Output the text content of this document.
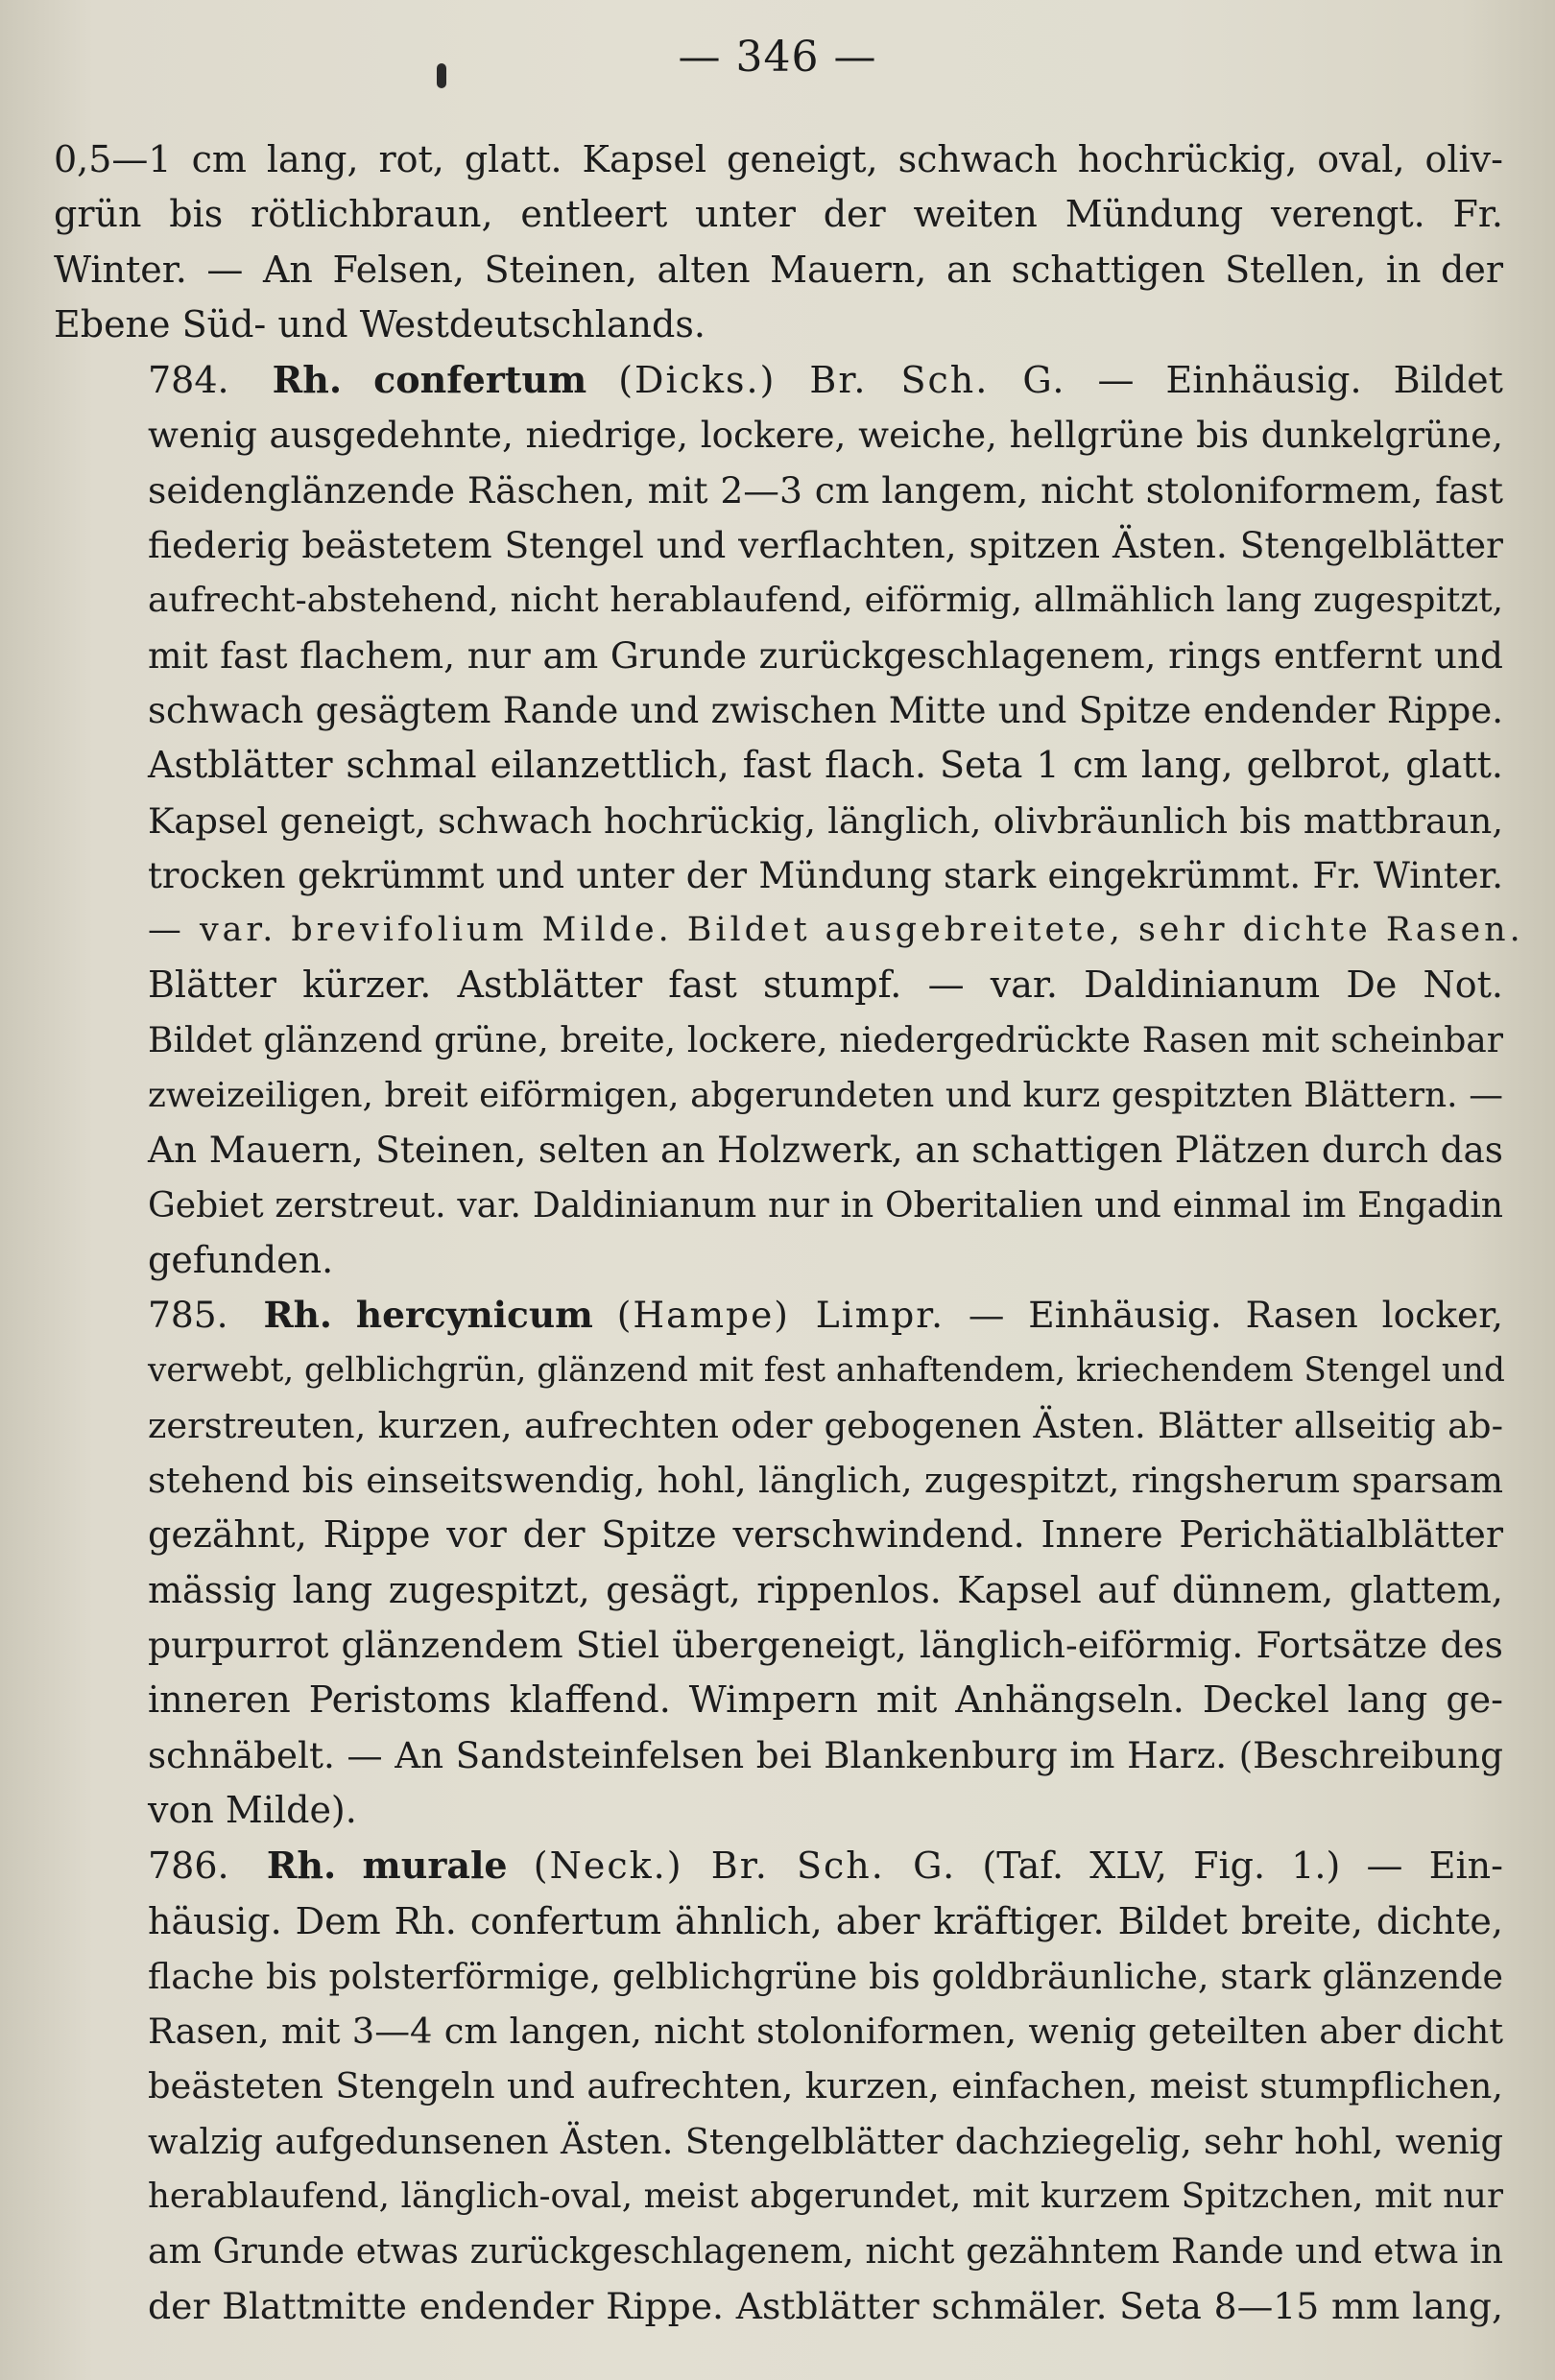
— 346 —

0,5—1 cm lang, rot, glatt. Kapsel geneigt, schwach hochrückig, oval, oliv-
grün bis rötlichbraun, entleert unter der weiten Mündung verengt. Fr.
Winter. — An Felsen, Steinen, alten Mauern, an schattigen Stellen, in der
Ebene Süd- und Westdeutschlands.

784. Rh. confertum (Dicks.) Br. Sch. G. — Einhäusig. Bildet
wenig ausgedehnte, niedrige, lockere, weiche, hellgrüne bis dunkelgrüne,
seidenglänzende Räschen, mit 2—3 cm langem, nicht stoloniformem, fast
fiederig beästetem Stengel und verflachten, spitzen Ästen. Stengelblätter
aufrecht-abstehend, nicht herablaufend, eiförmig, allmählich lang zugespitzt,
mit fast flachem, nur am Grunde zurückgeschlagenem, rings entfernt und
schwach gesägtem Rande und zwischen Mitte und Spitze endender Rippe.
Astblätter schmal eilanzettlich, fast flach. Seta 1 cm lang, gelbrot, glatt.
Kapsel geneigt, schwach hochrückig, länglich, olivbräunlich bis mattbraun,
trocken gekrümmt und unter der Mündung stark eingekrümmt. Fr. Winter.
— var. brevifolium Milde. Bildet ausgebreitete, sehr dichte Rasen.
Blätter kürzer. Astblätter fast stumpf. — var. Daldinianum De Not.
Bildet glänzend grüne, breite, lockere, niedergedrückte Rasen mit scheinbar
zweizeiligen, breit eiförmigen, abgerundeten und kurz gespitzten Blättern. —
An Mauern, Steinen, selten an Holzwerk, an schattigen Plätzen durch das
Gebiet zerstreut. var. Daldinianum nur in Oberitalien und einmal im Engadin
gefunden.

785. Rh. hercynicum (Hampe) Limpr. — Einhäusig. Rasen locker,
verwebt, gelblichgrün, glänzend mit fest anhaftendem, kriechendem Stengel und
zerstreuten, kurzen, aufrechten oder gebogenen Ästen. Blätter allseitig ab-
stehend bis einseitswendig, hohl, länglich, zugespitzt, ringsherum sparsam
gezähnt, Rippe vor der Spitze verschwindend. Innere Perichätialblätter
mässig lang zugespitzt, gesägt, rippenlos. Kapsel auf dünnem, glattem,
purpurrot glänzendem Stiel übergeneigt, länglich-eiförmig. Fortsätze des
inneren Peristoms klaffend. Wimpern mit Anhängseln. Deckel lang ge-
schnäbelt. — An Sandsteinfelsen bei Blankenburg im Harz. (Beschreibung
von Milde).

786. Rh. murale (Neck.) Br. Sch. G. (Taf. XLV, Fig. 1.) — Ein-
häusig. Dem Rh. confertum ähnlich, aber kräftiger. Bildet breite, dichte,
flache bis polsterförmige, gelblichgrüne bis goldbräunliche, stark glänzende
Rasen, mit 3—4 cm langen, nicht stoloniformen, wenig geteilten aber dicht
beästeten Stengeln und aufrechten, kurzen, einfachen, meist stumpflichen,
walzig aufgedunsenen Ästen. Stengelblätter dachziegelig, sehr hohl, wenig
herablaufend, länglich-oval, meist abgerundet, mit kurzem Spitzchen, mit nur
am Grunde etwas zurückgeschlagenem, nicht gezähntem Rande und etwa in
der Blattmitte endender Rippe. Astblätter schmäler. Seta 8—15 mm lang,
